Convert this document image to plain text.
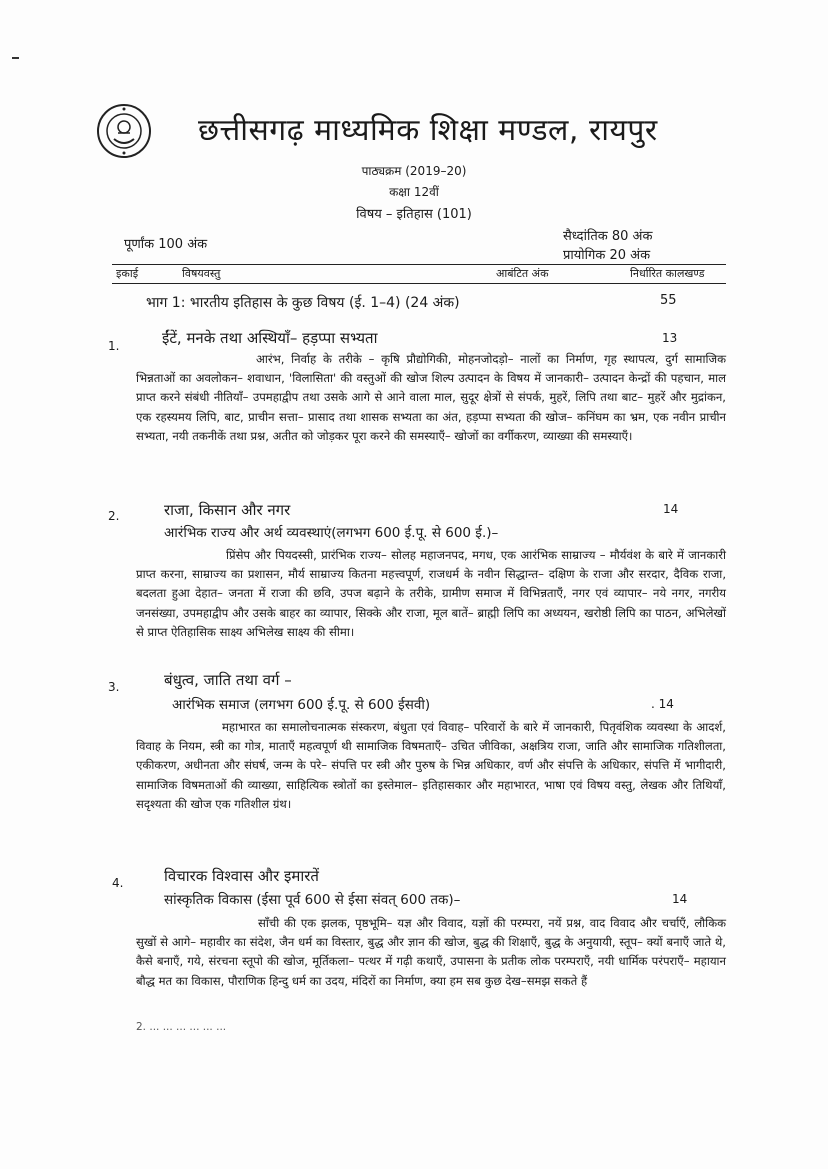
छत्तीसगढ़ माध्यमिक शिक्षा मण्डल, रायपुर
पाठ्यक्रम (2019–20)
कक्षा 12वीं
विषय – इतिहास (101)
पूर्णांक 100 अंक
सैध्दांतिक 80 अंक
प्रायोगिक 20 अंक
इकाई	विषयवस्तु	आबंटित अंक	निर्धारित कालखण्ड
भाग 1: भारतीय इतिहास के कुछ विषय (ई. 1–4) (24 अंक)	55
1.	ईंटें, मनके तथा अस्थियाँ– हड़प्पा सभ्यता	13
आरंभ, निर्वाह के तरीके – कृषि प्रौद्योगिकी, मोहनजोदड़ो– नालों का निर्माण, गृह स्थापत्य, दुर्ग सामाजिक भिन्नताओं का अवलोकन– शवाधान, 'विलासिता' की वस्तुओं की खोज शिल्प उत्पादन के विषय में जानकारी– उत्पादन केन्द्रों की पहचान, माल प्राप्त करने संबंधी नीतियाँ– उपमहाद्वीप तथा उसके आगे से आने वाला माल, सुदूर क्षेत्रों से संपर्क, मुहरें, लिपि तथा बाट– मुहरें और मुद्रांकन, एक रहस्यमय लिपि, बाट, प्राचीन सत्ता– प्रासाद तथा शासक सभ्यता का अंत, हड़प्पा सभ्यता की खोज– कनिंघम का भ्रम, एक नवीन प्राचीन सभ्यता, नयी तकनीकें तथा प्रश्न, अतीत को जोड़कर पूरा करने की समस्याएँ– खोजों का वर्गीकरण, व्याख्या की समस्याएँ।
2.	राजा, किसान और नगर	14
आरंभिक राज्य और अर्थ व्यवस्थाएं(लगभग 600 ई.पू. से 600 ई.)–
प्रिंसेप और पियदस्सी, प्रारंभिक राज्य– सोलह महाजनपद, मगध, एक आरंभिक साम्राज्य – मौर्यवंश के बारे में जानकारी प्राप्त करना, साम्राज्य का प्रशासन, मौर्य साम्राज्य कितना महत्त्वपूर्ण, राजधर्म के नवीन सिद्धान्त– दक्षिण के राजा और सरदार, दैविक राजा, बदलता हुआ देहात– जनता में राजा की छवि, उपज बढ़ाने के तरीके, ग्रामीण समाज में विभिन्नताएँ, नगर एवं व्यापार– नये नगर, नगरीय जनसंख्या, उपमहाद्वीप और उसके बाहर का व्यापार, सिक्के और राजा, मूल बातें– ब्राह्मी लिपि का अध्ययन, खरोष्ठी लिपि का पाठन, अभिलेखों से प्राप्त ऐतिहासिक साक्ष्य अभिलेख साक्ष्य की सीमा।
3.	बंधुत्व, जाति तथा वर्ग –
आरंभिक समाज (लगभग 600 ई.पू. से 600 ईसवी)	. 14
महाभारत का समालोचनात्मक संस्करण, बंधुता एवं विवाह– परिवारों के बारे में जानकारी, पितृवंशिक व्यवस्था के आदर्श, विवाह के नियम, स्त्री का गोत्र, माताएँ महत्वपूर्ण थी सामाजिक विषमताएँ– उचित जीविका, अक्षत्रिय राजा, जाति और सामाजिक गतिशीलता, एकीकरण, अधीनता और संघर्ष, जन्म के परे– संपत्ति पर स्त्री और पुरुष के भिन्न अधिकार, वर्ण और संपत्ति के अधिकार, संपत्ति में भागीदारी, सामाजिक विषमताओं की व्याख्या, साहित्यिक स्त्रोतों का इस्तेमाल– इतिहासकार और महाभारत, भाषा एवं विषय वस्तु, लेखक और तिथियाँ, सदृश्यता की खोज एक गतिशील ग्रंथ।
4.	विचारक विश्वास और इमारतें
सांस्कृतिक विकास (ईसा पूर्व 600 से ईसा संवत् 600 तक)–	14
साँची की एक झलक, पृष्ठभूमि– यज्ञ और विवाद, यज्ञों की परम्परा, नयें प्रश्न, वाद विवाद और चर्चाएँ, लौकिक सुखों से आगे– महावीर का संदेश, जैन धर्म का विस्तार, बुद्ध और ज्ञान की खोज, बुद्ध की शिक्षाएँ, बुद्ध के अनुयायी, स्तूप– क्यों बनाएँ जाते थे, कैसे बनाएँ, गये, संरचना स्तूपो की खोज, मूर्तिकला– पत्थर में गढ़ी कथाएँ, उपासना के प्रतीक लोक परम्पराएँ, नयी धार्मिक परंपराएँ– महायान बौद्ध मत का विकास, पौराणिक हिन्दु धर्म का उदय, मंदिरों का निर्माण, क्या हम सब कुछ देख–समझ सकते हैं
2. ... ... ... ... ... ...
